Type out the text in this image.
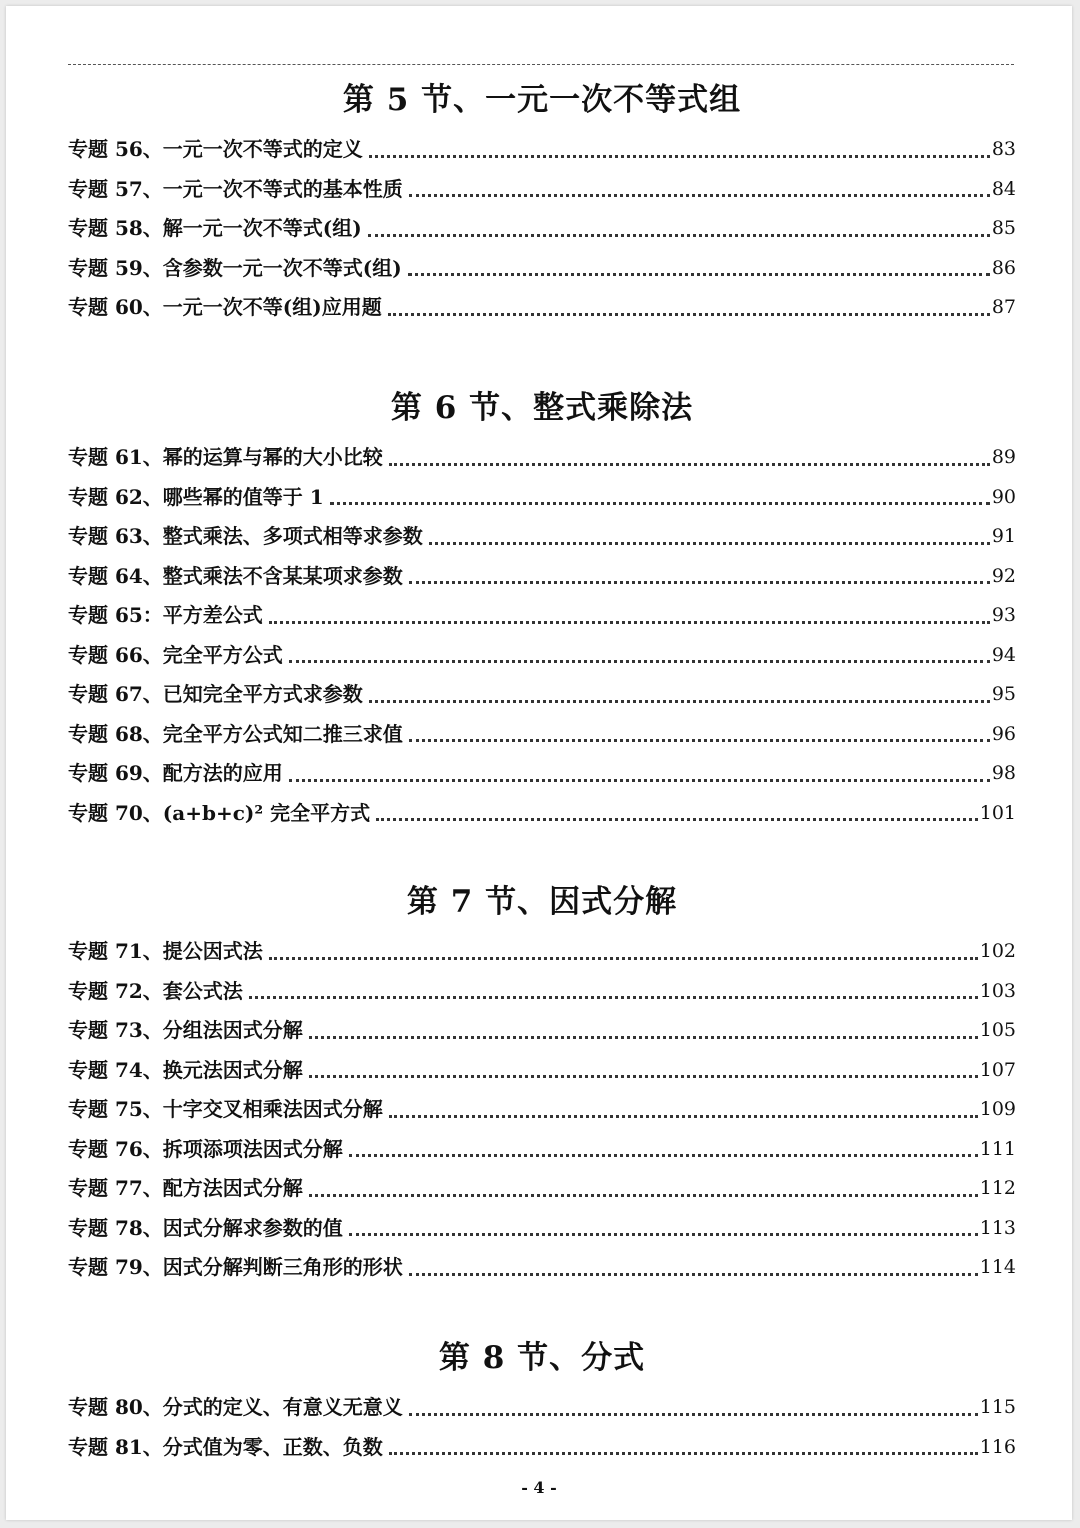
第 5 节、一元一次不等式组
专题 56、一元一次不等式的定义	83
专题 57、一元一次不等式的基本性质	84
专题 58、解一元一次不等式(组)	85
专题 59、含参数一元一次不等式(组)	86
专题 60、一元一次不等(组)应用题	87
第 6 节、整式乘除法
专题 61、幂的运算与幂的大小比较	89
专题 62、哪些幂的值等于 1	90
专题 63、整式乘法、多项式相等求参数	91
专题 64、整式乘法不含某某项求参数	92
专题 65：平方差公式	93
专题 66、完全平方公式	94
专题 67、已知完全平方式求参数	95
专题 68、完全平方公式知二推三求值	96
专题 69、配方法的应用	98
专题 70、(a+b+c)² 完全平方式	101
第 7 节、因式分解
专题 71、提公因式法	102
专题 72、套公式法	103
专题 73、分组法因式分解	105
专题 74、换元法因式分解	107
专题 75、十字交叉相乘法因式分解	109
专题 76、拆项添项法因式分解	111
专题 77、配方法因式分解	112
专题 78、因式分解求参数的值	113
专题 79、因式分解判断三角形的形状	114
第 8 节、分式
专题 80、分式的定义、有意义无意义	115
专题 81、分式值为零、正数、负数	116
- 4 -
